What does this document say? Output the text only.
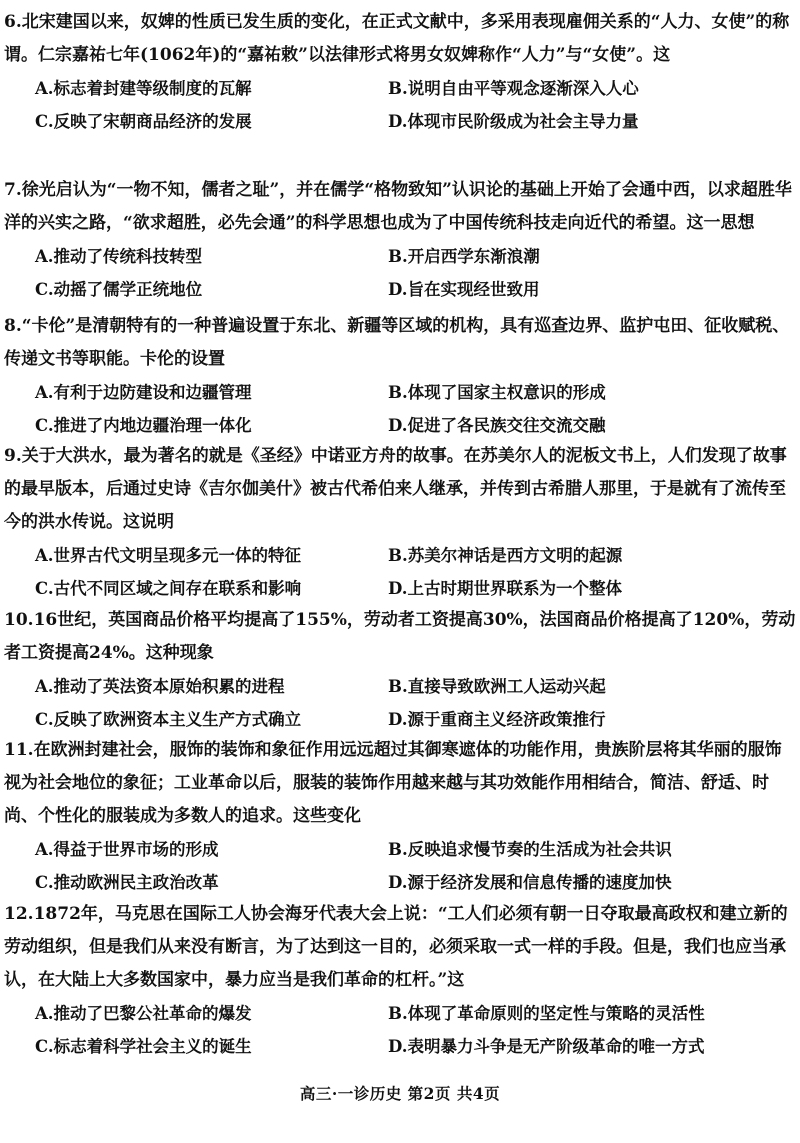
6.北宋建国以来，奴婢的性质已发生质的变化，在正式文献中，多采用表现雇佣关系的“人力、女使”的称谓。仁宗嘉祐七年(1062年)的“嘉祐敕”以法律形式将男女奴婢称作“人力”与“女使”。这
A.标志着封建等级制度的瓦解	B.说明自由平等观念逐渐深入人心
C.反映了宋朝商品经济的发展	D.体现市民阶级成为社会主导力量
7.徐光启认为“一物不知，儒者之耻”，并在儒学“格物致知”认识论的基础上开始了会通中西，以求超胜华洋的兴实之路，“欲求超胜，必先会通”的科学思想也成为了中国传统科技走向近代的希望。这一思想
A.推动了传统科技转型	B.开启西学东渐浪潮
C.动摇了儒学正统地位	D.旨在实现经世致用
8.“卡伦”是清朝特有的一种普遍设置于东北、新疆等区域的机构，具有巡查边界、监护屯田、征收赋税、传递文书等职能。卡伦的设置
A.有利于边防建设和边疆管理	B.体现了国家主权意识的形成
C.推进了内地边疆治理一体化	D.促进了各民族交往交流交融
9.关于大洪水，最为著名的就是《圣经》中诺亚方舟的故事。在苏美尔人的泥板文书上，人们发现了故事的最早版本，后通过史诗《吉尔伽美什》被古代希伯来人继承，并传到古希腊人那里，于是就有了流传至今的洪水传说。这说明
A.世界古代文明呈现多元一体的特征	B.苏美尔神话是西方文明的起源
C.古代不同区域之间存在联系和影响	D.上古时期世界联系为一个整体
10.16世纪，英国商品价格平均提高了155%，劳动者工资提高30%，法国商品价格提高了120%，劳动者工资提高24%。这种现象
A.推动了英法资本原始积累的进程	B.直接导致欧洲工人运动兴起
C.反映了欧洲资本主义生产方式确立	D.源于重商主义经济政策推行
11.在欧洲封建社会，服饰的装饰和象征作用远远超过其御寒遮体的功能作用，贵族阶层将其华丽的服饰视为社会地位的象征；工业革命以后，服装的装饰作用越来越与其功效能作用相结合，简洁、舒适、时尚、个性化的服装成为多数人的追求。这些变化
A.得益于世界市场的形成	B.反映追求慢节奏的生活成为社会共识
C.推动欧洲民主政治改革	D.源于经济发展和信息传播的速度加快
12.1872年，马克思在国际工人协会海牙代表大会上说：“工人们必须有朝一日夺取最高政权和建立新的劳动组织，但是我们从来没有断言，为了达到这一目的，必须采取一式一样的手段。但是，我们也应当承认，在大陆上大多数国家中，暴力应当是我们革命的杠杆。”这
A.推动了巴黎公社革命的爆发	B.体现了革命原则的坚定性与策略的灵活性
C.标志着科学社会主义的诞生	D.表明暴力斗争是无产阶级革命的唯一方式
高三·一诊历史 第2页 共4页
